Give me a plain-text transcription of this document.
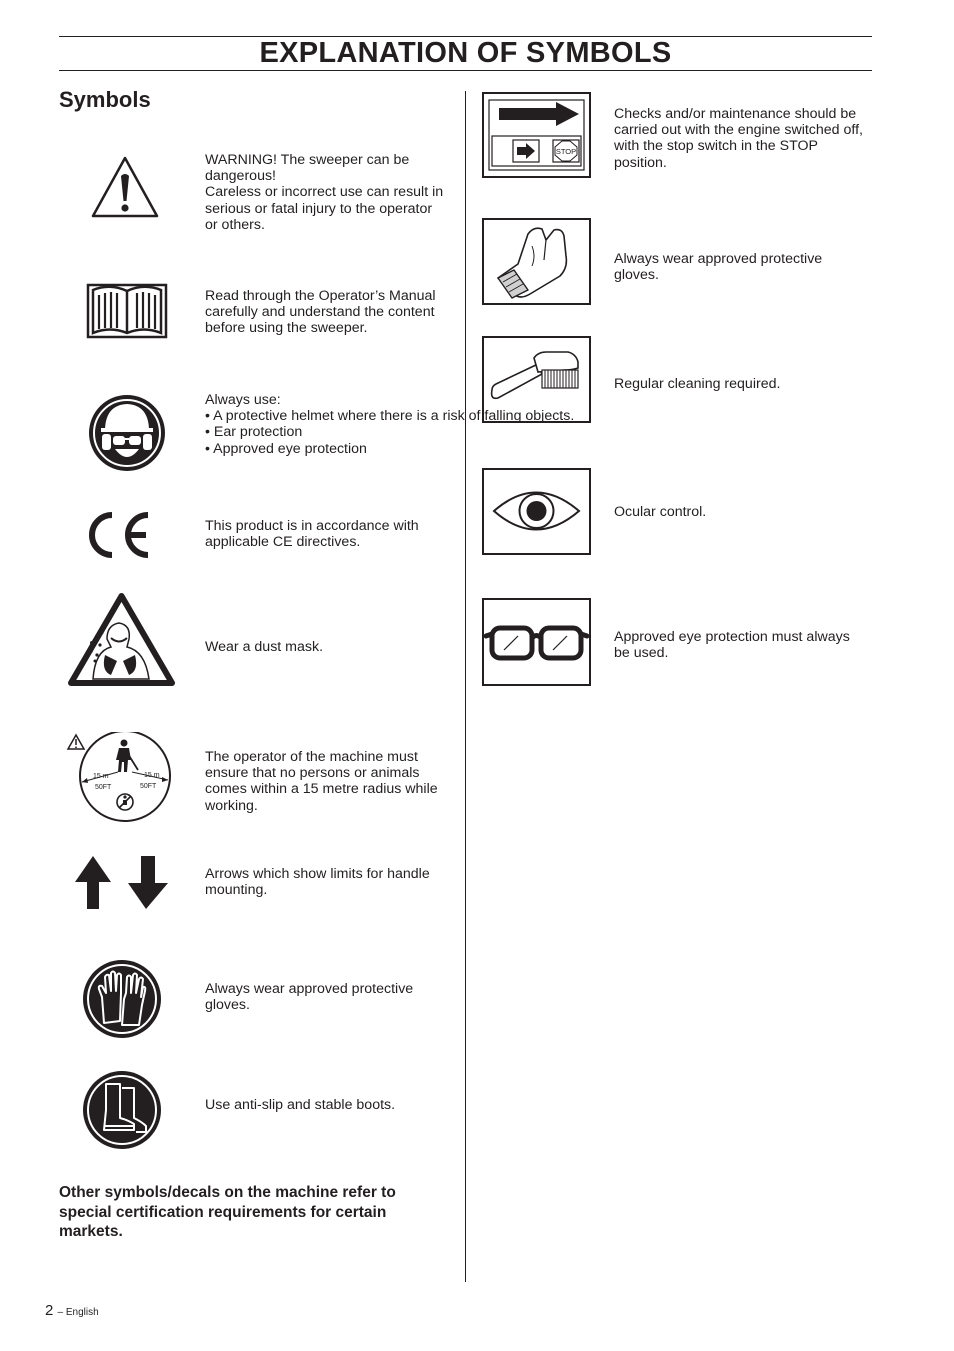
EXPLANATION OF SYMBOLS
Symbols
WARNING! The sweeper can be
dangerous!
Careless or incorrect use can result in
serious or fatal injury to the operator
or others.
Read through the Operator’s Manual
carefully and understand the content
before using the sweeper.
Always use:
• A protective helmet where there is a risk of falling objects.
• Ear protection
• Approved eye protection
This product is in accordance with
applicable CE directives.
Wear a dust mask.
15 m
50FT
15 m
50FT
The operator of the machine must
ensure that no persons or animals
comes within a 15 metre radius while
working.
Arrows which show limits for handle
mounting.
Always wear approved protective
gloves.
Use anti-slip and stable boots.
Other symbols/decals on the machine refer to special certification requirements for certain markets.
STOP
Checks and/or maintenance should be
carried out with the engine switched off,
with the stop switch in the STOP
position.
Always wear approved protective
gloves.
Regular cleaning required.
Ocular control.
Approved eye protection must always
be used.
2 – English
